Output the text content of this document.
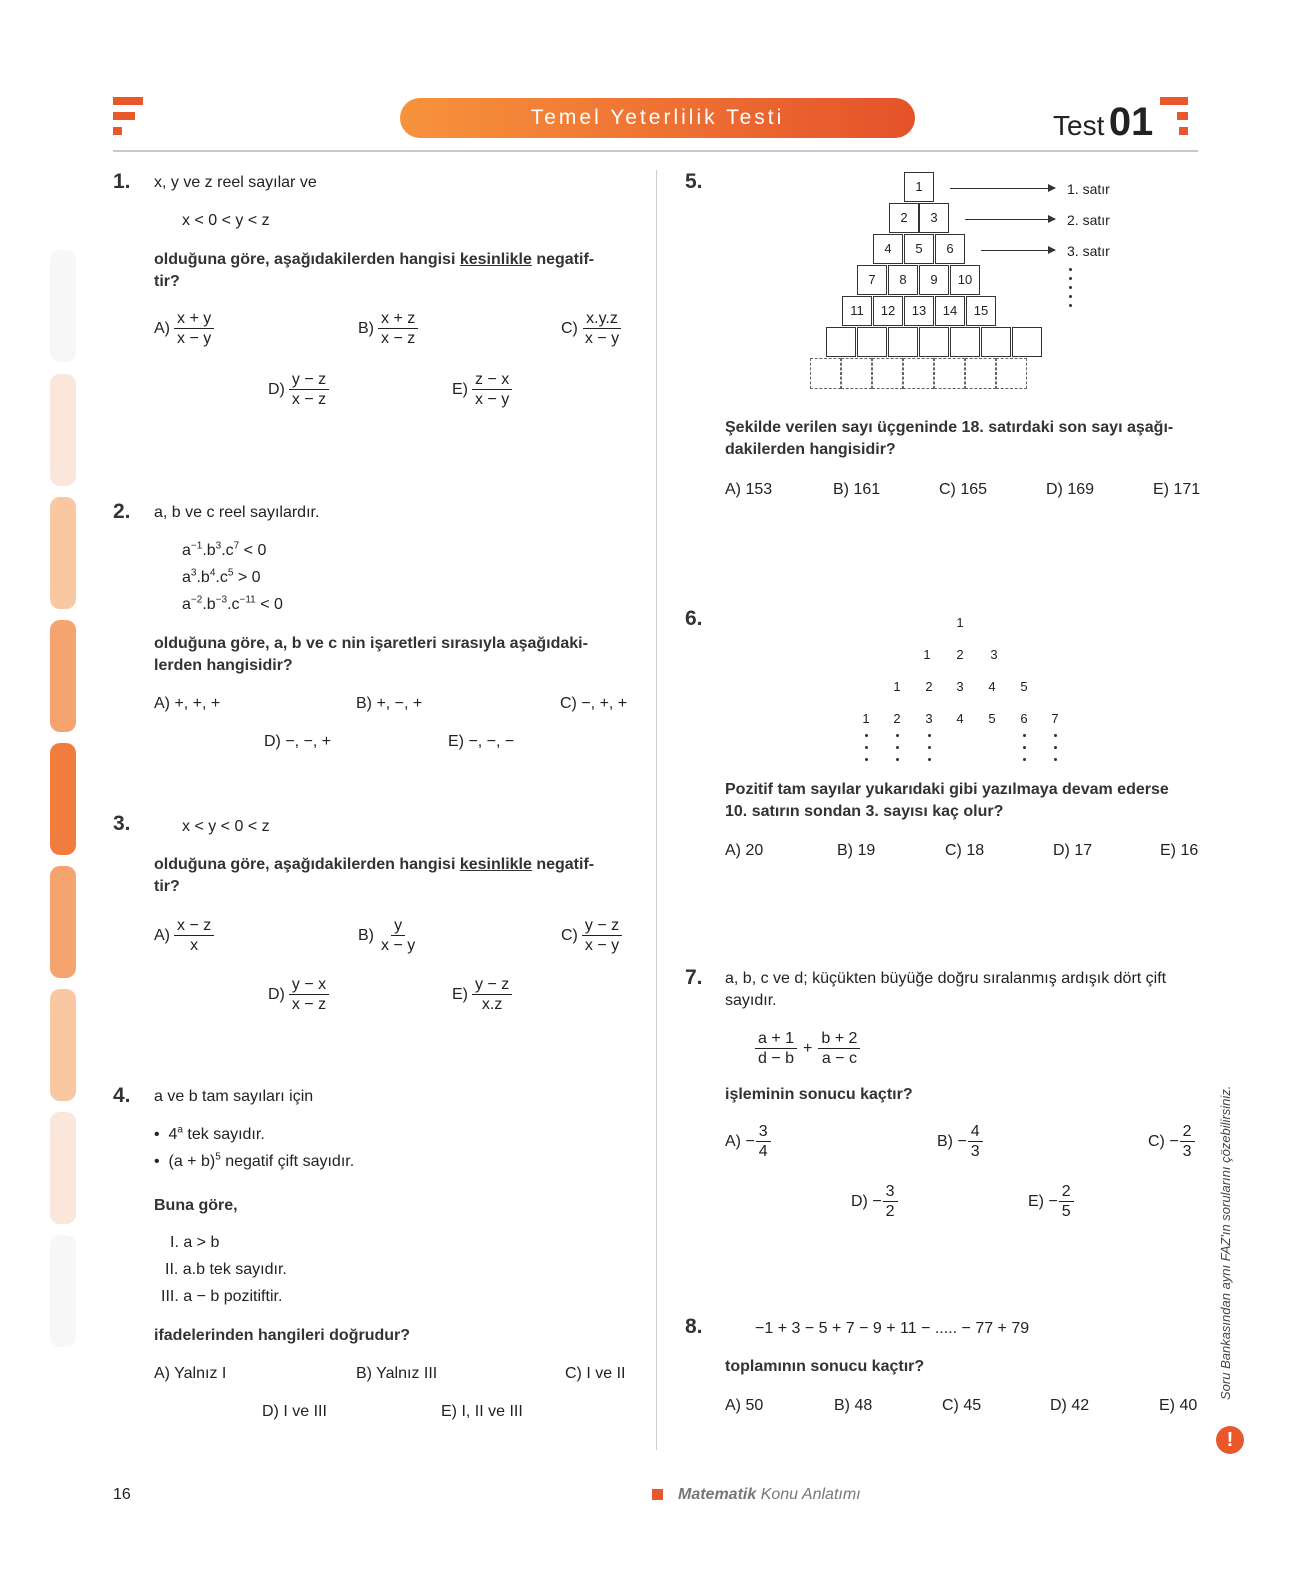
Temel Yeterlilik Testi	Test 01
1. x, y ve z reel sayılar ve
x < 0 < y < z
olduğuna göre, aşağıdakilerden hangisi kesinlikle negatif-
tir?
$A) \frac{x + y}{x - y}$	$B) \frac{x + z}{x - z}$	$C) \frac{x.y.z}{x - y}$
$D) \frac{y - z}{x - z}$	$E) \frac{z - x}{x - y}$
2. a, b ve c reel sayılardır.
$a^{-1}.b^3.c^7 < 0$
$a^3.b^4.c^5 > 0$
$a^{-2}.b^{-3}.c^{-11} < 0$
olduğuna göre, a, b ve c nin işaretleri sırasıyla aşağıdaki-
lerden hangisidir?
A) +, +, +	B) +, −, +	C) −, +, +
D) −, −, +	E) −, −, −
3.	x < y < 0 < z
olduğuna göre, aşağıdakilerden hangisi kesinlikle negatif-
tir?
$A) \frac{x - z}{x}$	$B) \frac{y}{x - y}$	$C) \frac{y - z}{x - y}$
$D) \frac{y - x}{x - z}$	$E) \frac{y - z}{x.z}$
4. a ve b tam sayıları için
•  4$^a$ tek sayıdır.
•  $(a + b)^5$ negatif çift sayıdır.
Buna göre,
I. a > b
II. a.b tek sayıdır.
III. a − b pozitiftir.
ifadelerinden hangileri doğrudur?
A) Yalnız I	B) Yalnız III	C) I ve II
D) I ve III	E) I, II ve III
5.	1
2	3
4	5	6
7	8	9	10
11	12	13	14	15
1. satır
2. satır
3. satır
Şekilde verilen sayı üçgeninde 18. satırdaki son sayı aşağı-
dakilerden hangisidir?
A) 153	B) 161	C) 165	D) 169	E) 171
6.	1
1	2	3
1	2	3	4	5
1	2	3	4	5	6	7
Pozitif tam sayılar yukarıdaki gibi yazılmaya devam ederse
10. satırın sondan 3. sayısı kaç olur?
A) 20	B) 19	C) 18	D) 17	E) 16
7. a, b, c ve d; küçükten büyüğe doğru sıralanmış ardışık dört çift
sayıdır.
$\frac{a + 1}{d - b} + \frac{b + 2}{a - c}$
işleminin sonucu kaçtır?
$A) - \frac{3}{4}$	$B) - \frac{4}{3}$	$C) - \frac{2}{3}$
$D) - \frac{3}{2}$	$E) - \frac{2}{5}$
8.	−1 + 3 − 5 + 7 − 9 + 11 − ..... − 77 + 79
toplamının sonucu kaçtır?
A) 50	B) 48	C) 45	D) 42	E) 40
Soru Bankasından aynı FAZ'ın sorularını çözebilirsiniz.
!
16	Matematik Konu Anlatımı
